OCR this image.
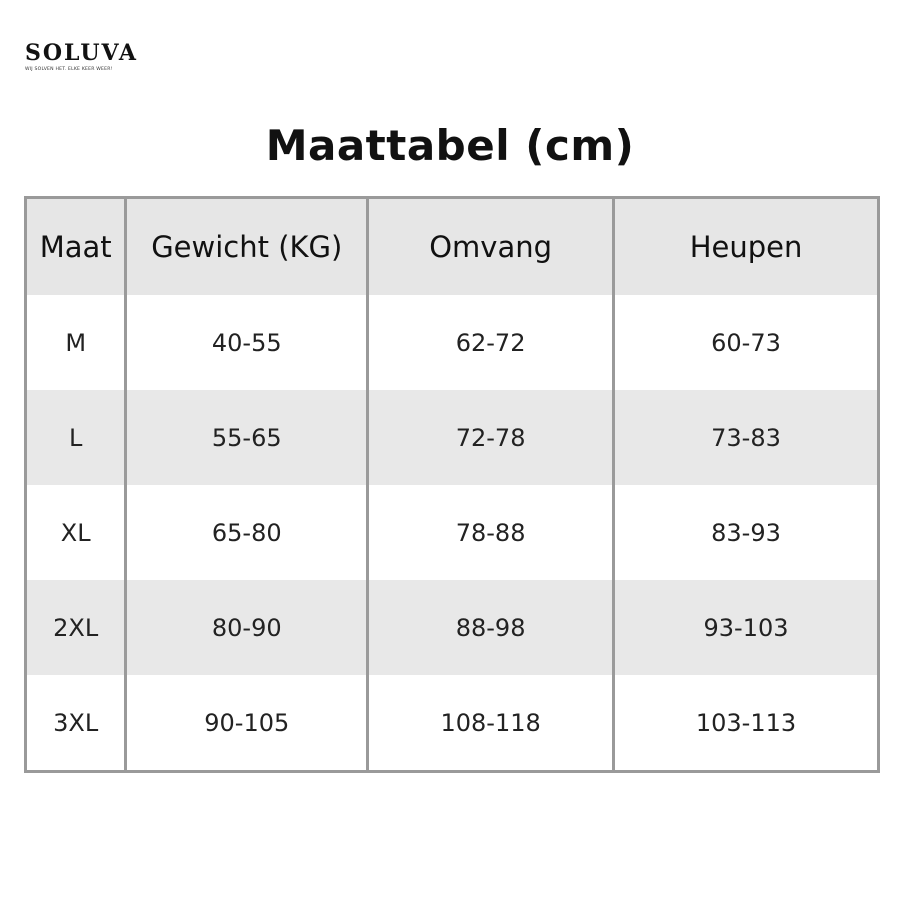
SOLUVA
WIJ SOLVEN HET. ELKE KEER WEER!
Maattabel (cm)
Maat	Gewicht (KG)	Omvang	Heupen
M	40-55	62-72	60-73
L	55-65	72-78	73-83
XL	65-80	78-88	83-93
2XL	80-90	88-98	93-103
3XL	90-105	108-118	103-113
